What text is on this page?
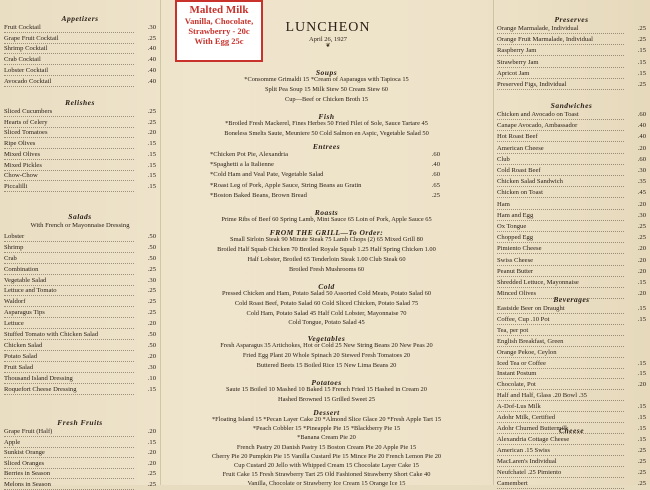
Malted Milk
Vanilla, Chocolate,
Strawberry - 20c
With Egg 25c
LUNCHEON
April 26, 1927
❦
Appetizers
Fruit Cocktail	.30
Grape Fruit Cocktail	.25
Shrimp Cocktail	.40
Crab Cocktail	.40
Lobster Cocktail	.40
Avocado Cocktail	.40
Relishes
Sliced Cucumbers	.25
Hearts of Celery	.25
Sliced Tomatoes	.20
Ripe Olives	.15
Mixed Olives	.15
Mixed Pickles	.15
Chow-Chow	.15
Piccalilli	.15
Salads
With French or Mayonnaise Dressing
Lobster	.50
Shrimp	.50
Crab	.50
Combination	.25
Vegetable Salad	.30
Lettuce and Tomato	.25
Waldorf	.25
Asparagus Tips	.25
Lettuce	.20
Stuffed Tomato with Chicken Salad	.50
Chicken Salad	.50
Potato Salad	.20
Fruit Salad	.30
Thousand Island Dressing	.10
Roquefort Cheese Dressing	.15
Fresh Fruits
Grape Fruit (Half)	.20
Apple	.15
Sunkist Orange	.20
Sliced Oranges	.20
Berries in Season	.25
Melons in Season	.25
Soups
*Consomme Grimaldi 15 *Cream of Asparagus with Tapioca 15
Split Pea Soup 15 Milk Stew 50 Cream Stew 60
Cup—Beef or Chicken Broth 15
Fish
*Broiled Fresh Mackerel, Fines Herbes 50 Fried Filet of Sole, Sauce Tartare 45
Boneless Smelts Saute, Meuniere 50 Cold Salmon en Aspic, Vegetable Salad 50
Entrees
*Chicken Pot Pie, Alexandria	.60
*Spaghetti a la Italienne	.40
*Cold Ham and Veal Pate, Vegetable Salad	.60
*Roast Leg of Pork, Apple Sauce, String Beans au Gratin	.65
*Boston Baked Beans, Brown Bread	.25
Roasts
Prime Ribs of Beef 60 Spring Lamb, Mint Sauce 65 Loin of Pork, Apple Sauce 65
FROM THE GRILL—To Order:
Small Sirloin Steak 90 Minute Steak 75 Lamb Chops (2) 65 Mixed Grill 80
Broiled Half Squab Chicken 70 Broiled Royale Squab 1.25 Half Spring Chicken 1.00
Half Lobster, Broiled 65 Tenderloin Steak 1.00 Club Steak 60
Broiled Fresh Mushrooms 60
Cold
Pressed Chicken and Ham, Potato Salad 50 Assorted Cold Meats, Potato Salad 60
Cold Roast Beef, Potato Salad 60 Cold Sliced Chicken, Potato Salad 75
Cold Ham, Potato Salad 45 Half Cold Lobster, Mayonnaise 70
Cold Tongue, Potato Salad 45
Vegetables
Fresh Asparagus 35 Artichokes, Hot or Cold 25 New String Beans 20 New Peas 20
Fried Egg Plant 20 Whole Spinach 20 Stewed Fresh Tomatoes 20
Buttered Beets 15 Boiled Rice 15 New Lima Beans 20
Potatoes
Saute 15 Boiled 10 Mashed 10 Baked 15 French Fried 15 Hashed in Cream 20
Hashed Browned 15 Grilled Sweet 25
Dessert
*Floating Island 15 *Pecan Layer Cake 20 *Almond Slice Glace 20 *Fresh Apple Tart 15
*Peach Cobbler 15 *Pineapple Pie 15 *Blackberry Pie 15
*Banana Cream Pie 20
French Pastry 20 Danish Pastry 15 Boston Cream Pie 20 Apple Pie 15
Cherry Pie 20 Pumpkin Pie 15 Vanilla Custard Pie 15 Mince Pie 20 French Lemon Pie 20
Cup Custard 20 Jello with Whipped Cream 15 Chocolate Layer Cake 15
Fruit Cake 15 Fresh Strawberry Tart 25 Old Fashioned Strawberry Short Cake 40
Vanilla, Chocolate or Strawberry Ice Cream 15 Orange Ice 15
Preserves
Orange Marmalade, Individual	.25
Orange Fruit Marmalade, Individual	.25
Raspberry Jam	.15
Strawberry Jam	.15
Apricot Jam	.15
Preserved Figs, Individual	.25
Sandwiches
Chicken and Avocado on Toast	.60
Canape Avocado, Ambassador	.40
Hot Roast Beef	.40
American Cheese	.20
Club	.60
Cold Roast Beef	.30
Chicken Salad Sandwich	.35
Chicken on Toast	.45
Ham	.20
Ham and Egg	.30
Ox Tongue	.25
Chopped Egg	.25
Pimiento Cheese	.20
Swiss Cheese	.20
Peanut Butter	.20
Shredded Lettuce, Mayonnaise	.15
Minced Olives	.20
Beverages
Eastside Beer on Draught	.15
Coffee, Cup .10 Pot	.15
Tea, per pot
English Breakfast, Green
Orange Pekoe, Ceylon
Iced Tea or Coffee	.15
Instant Postum	.15
Chocolate, Pot	.20
Half and Half, Glass .20 Bowl .35
A-Dof-Lus Milk	.15
Adohr Milk, Certified	.15
Adohr Churned Buttermilk	.15
Cheese
Alexandria Cottage Cheese	.15
American .15 Swiss	.25
MacLaren's Individual	.25
Neufchatel .25 Pimiento	.25
Camembert	.25
